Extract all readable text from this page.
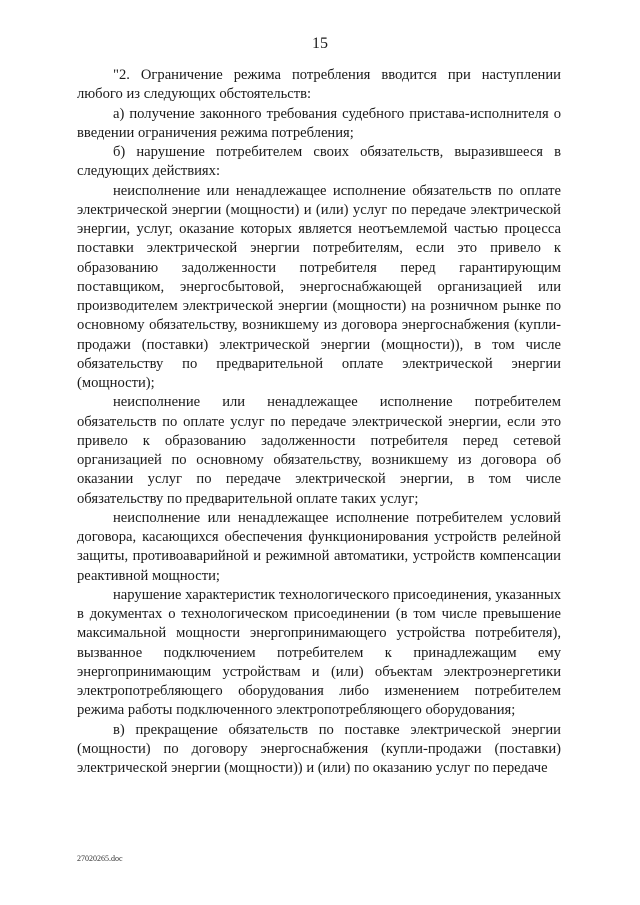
15

"2. Ограничение режима потребления вводится при наступлении любого из следующих обстоятельств:

а) получение законного требования судебного пристава-исполнителя о введении ограничения режима потребления;

б) нарушение потребителем своих обязательств, выразившееся в следующих действиях:

неисполнение или ненадлежащее исполнение обязательств по оплате электрической энергии (мощности) и (или) услуг по передаче электрической энергии, услуг, оказание которых является неотъемлемой частью процесса поставки электрической энергии потребителям, если это привело к образованию задолженности потребителя перед гарантирующим поставщиком, энергосбытовой, энергоснабжающей организацией или производителем электрической энергии (мощности) на розничном рынке по основному обязательству, возникшему из договора энергоснабжения (купли-продажи (поставки) электрической энергии (мощности)), в том числе обязательству по предварительной оплате электрической энергии (мощности);

неисполнение или ненадлежащее исполнение потребителем обязательств по оплате услуг по передаче электрической энергии, если это привело к образованию задолженности потребителя перед сетевой организацией по основному обязательству, возникшему из договора об оказании услуг по передаче электрической энергии, в том числе обязательству по предварительной оплате таких услуг;

неисполнение или ненадлежащее исполнение потребителем условий договора, касающихся обеспечения функционирования устройств релейной защиты, противоаварийной и режимной автоматики, устройств компенсации реактивной мощности;

нарушение характеристик технологического присоединения, указанных в документах о технологическом присоединении (в том числе превышение максимальной мощности энергопринимающего устройства потребителя), вызванное подключением потребителем к принадлежащим ему энергопринимающим устройствам и (или) объектам электроэнергетики электропотребляющего оборудования либо изменением потребителем режима работы подключенного электропотребляющего оборудования;

в) прекращение обязательств по поставке электрической энергии (мощности) по договору энергоснабжения (купли-продажи (поставки) электрической энергии (мощности)) и (или) по оказанию услуг по передаче

27020265.doc
